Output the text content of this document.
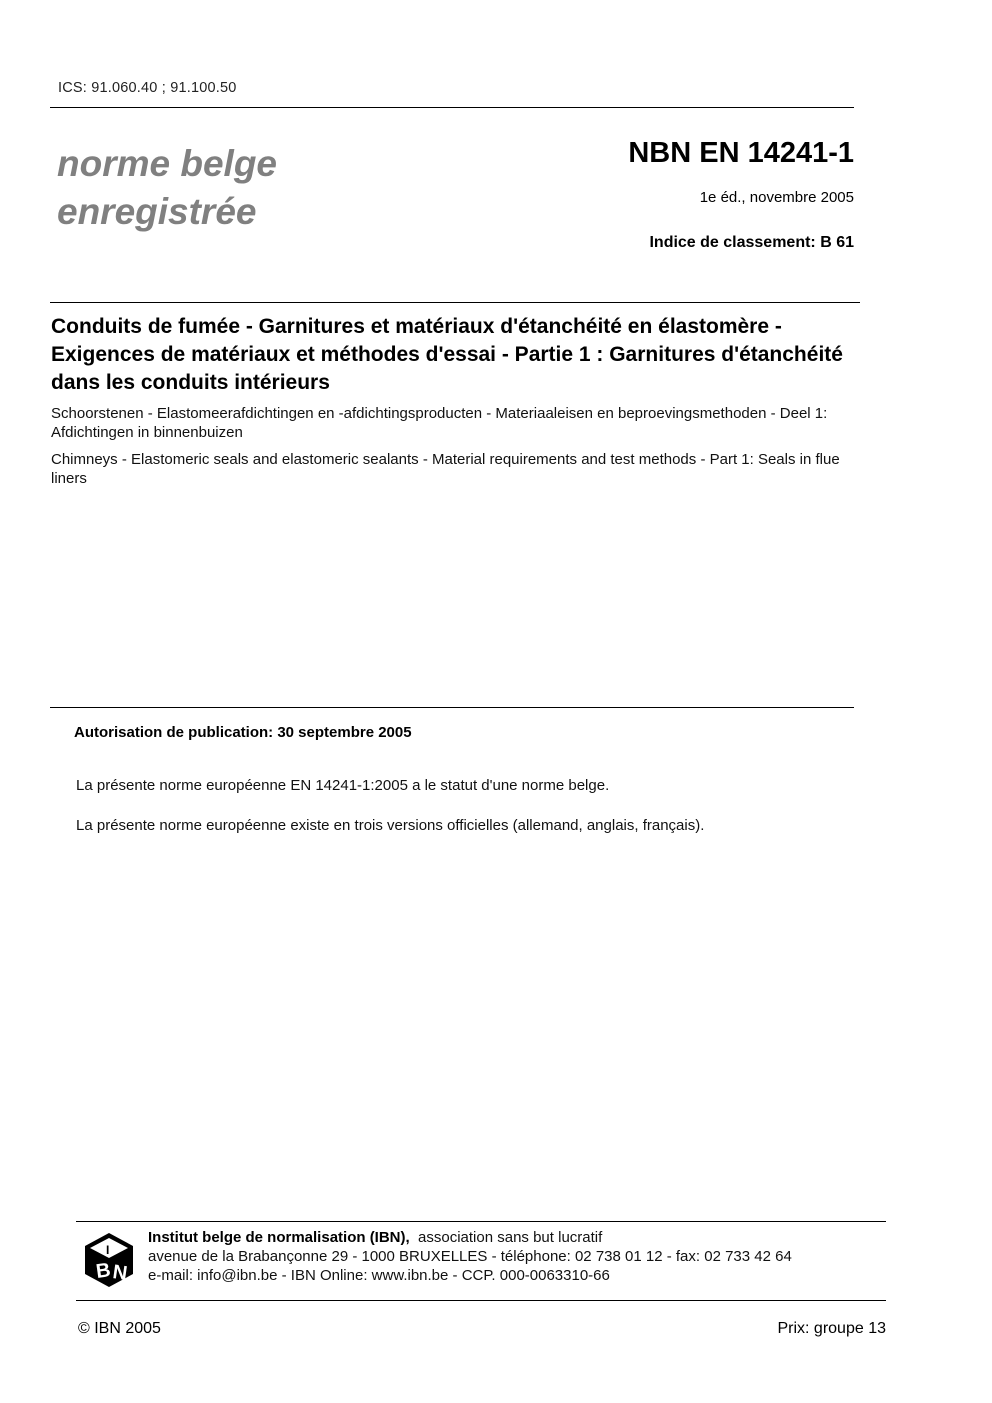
ICS: 91.060.40 ; 91.100.50
norme belge
enregistrée
NBN EN 14241-1
1e éd., novembre 2005
Indice de classement: B 61
Conduits de fumée - Garnitures et matériaux d'étanchéité en élastomère - Exigences de matériaux et méthodes d'essai - Partie 1 : Garnitures d'étanchéité dans les conduits intérieurs
Schoorstenen - Elastomeerafdichtingen en -afdichtingsproducten - Materiaaleisen en beproevingsmethoden - Deel 1: Afdichtingen in binnenbuizen
Chimneys - Elastomeric seals and elastomeric sealants - Material requirements and test methods - Part 1: Seals in flue liners
Autorisation de publication: 30 septembre 2005
La présente norme européenne EN 14241-1:2005 a le statut d'une norme belge.
La présente norme européenne existe en trois versions officielles (allemand, anglais, français).
B N
I
Institut belge de normalisation (IBN), association sans but lucratif
avenue de la Brabançonne 29 - 1000 BRUXELLES - téléphone: 02 738 01 12 - fax: 02 733 42 64
e-mail: info@ibn.be - IBN Online: www.ibn.be - CCP. 000-0063310-66
© IBN 2005	Prix: groupe 13
